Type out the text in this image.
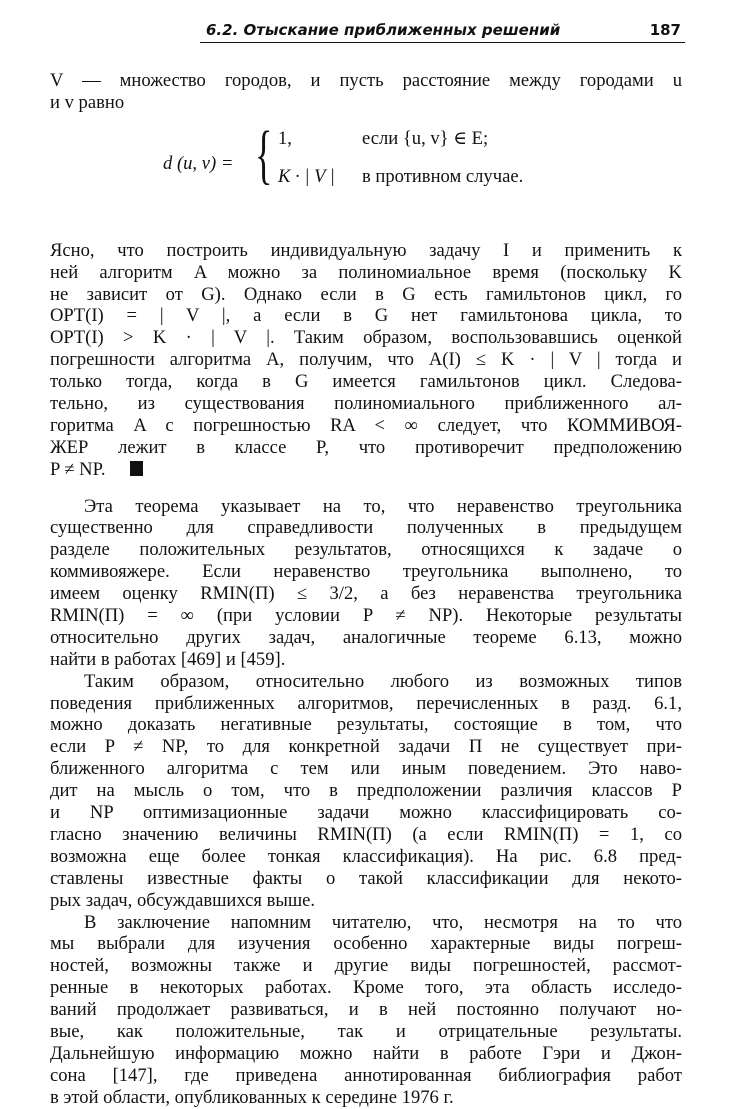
6.2. Отыскание приближенных решений	187
V — множество городов, и пусть расстояние между городами u
и v равно
d (u, v) = { 1,	если {u, v} ∈ E;
K · | V | в противном случае.
Ясно, что построить индивидуальную задачу I и применить к
ней алгоритм A можно за полиномиальное время (поскольку K
не зависит от G). Однако если в G есть гамильтонов цикл, го
OPT(I) = | V |, а если в G нет гамильтонова цикла, то
OPT(I) > K · | V |. Таким образом, воспользовавшись оценкой
погрешности алгоритма A, получим, что A(I) ≤ K · | V | тогда и
только тогда, когда в G имеется гамильтонов цикл. Следова-
тельно, из существования полиномиального приближенного ал-
горитма A с погрешностью RA < ∞ следует, что КОММИВОЯ-
ЖЕР лежит в классе P, что противоречит предположению
P ≠ NP.
Эта теорема указывает на то, что неравенство треугольника
существенно для справедливости полученных в предыдущем
разделе положительных результатов, относящихся к задаче о
коммивояжере. Если неравенство треугольника выполнено, то
имеем оценку RMIN(Π) ≤ 3/2, а без неравенства треугольника
RMIN(Π) = ∞ (при условии P ≠ NP). Некоторые результаты
относительно других задач, аналогичные теореме 6.13, можно
найти в работах [469] и [459].
Таким образом, относительно любого из возможных типов
поведения приближенных алгоритмов, перечисленных в разд. 6.1,
можно доказать негативные результаты, состоящие в том, что
если P ≠ NP, то для конкретной задачи Π не существует при-
ближенного алгоритма с тем или иным поведением. Это наво-
дит на мысль о том, что в предположении различия классов P
и NP оптимизационные задачи можно классифицировать со-
гласно значению величины RMIN(Π) (а если RMIN(Π) = 1, со
возможна еще более тонкая классификация). На рис. 6.8 пред-
ставлены известные факты о такой классификации для некото-
рых задач, обсуждавшихся выше.
В заключение напомним читателю, что, несмотря на то что
мы выбрали для изучения особенно характерные виды погреш-
ностей, возможны также и другие виды погрешностей, рассмот-
ренные в некоторых работах. Кроме того, эта область исследо-
ваний продолжает развиваться, и в ней постоянно получают но-
вые, как положительные, так и отрицательные результаты.
Дальнейшую информацию можно найти в работе Гэри и Джон-
сона [147], где приведена аннотированная библиография работ
в этой области, опубликованных к середине 1976 г.
